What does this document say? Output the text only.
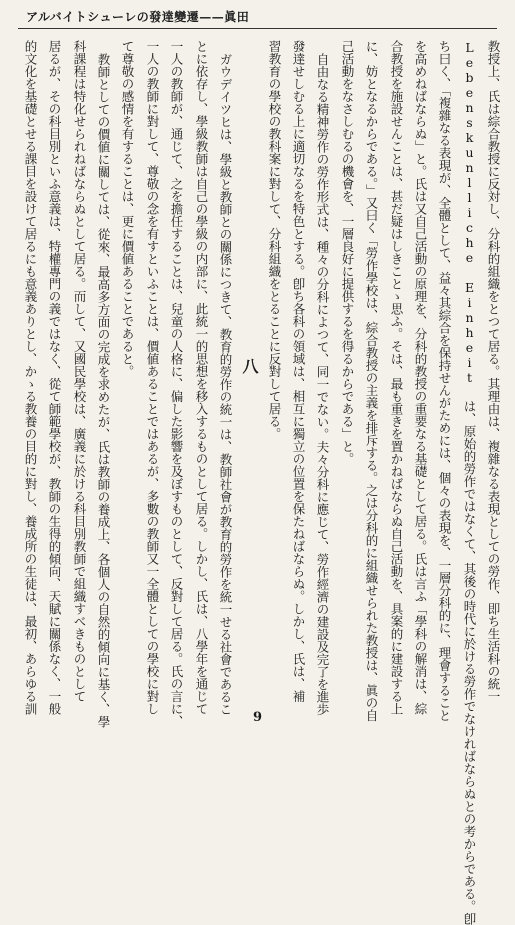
アルバイトシューレの發達變遷——眞田
教授上、氏は綜合教授に反対し、分科的組織をとつて居る。其理由は、複雜なる表現としての勞作、即ち生活科の統一
Lebenskunlliche Einheit は、原始的勞作ではなくて、其後の時代に於ける勞作でなければならぬとの考からである。卽
ち曰く、「複雜なる表現が、全體として、益々其綜合を保持せんがためには、個々の表現を、一層分科的に、理會すること
を高めねばならぬ」と。氏は又自己活動の原理を、分科的教授の重要なる基礎として居る。氏は言ふ「學科の解消は、綜
合教授を施設せんことは、甚だ疑はしきことゝ思ふ。そは、最も重きを置かねばならぬ自己活動を、具案的に建設する上
に、妨となるからである。」又曰く「勞作學校は、綜合教授の主義を排斥する。之は分科的に組織せられた教授は、眞の自
己活動をなさしむるの機會を、一層良好に提供するを得るからである」と。
自由なる精神勞作の勞作形式は、種々の分科によつて、同一でない。夫々分科に應じて、勞作經濟の建設及完了を進歩
發達せしむる上に適切なるを特色とする。卽ち各科の領域は、相互に獨立の位置を保たねばならぬ。しかし、氏は、補
習教育の學校の教科案に對して、分科組織をとることに反對して居る。
八
ガウデイツヒは、學級と教師との關係につきて、教育的勞作の統一は、教師社會が教育的勞作を統一せる社會であるこ
とに依存し、學級教師は自己の學級の内部に、此統一的思想を移入するものとして居る。しかし、氏は、八學年を通じて
一人の教師が、通じて、之を擔任することは、兒童の人格に、偏した影響を及ぼすものとして、反對して居る。氏の言に、
一人の教師に對して、尊敬の念を有すといふことは、價値あることではあるが、多數の教師又一全體としての學校に對し
て尊敬の感情を有することは、更に價値あることであると。
教師としての價値に關しては、從來、最高多方面の完成を求めたが、氏は教師の養成上、各個人の自然的傾向に基く、學
科課程は特化せられねばならぬとして居る。而して、又國民學校は、廣義に於ける科目別教師で組織すべきものとして
居るが、その科目別といふ意義は、特權專門の義ではなく、從て師範學校が、教師の生得的傾向、天賦に關係なく、一般
的文化を基礎とせる課目を設けて居るにも意義ありとし、かゝる教養の目的に對し、養成所の生徒は、最初、あらゆる訓
9
